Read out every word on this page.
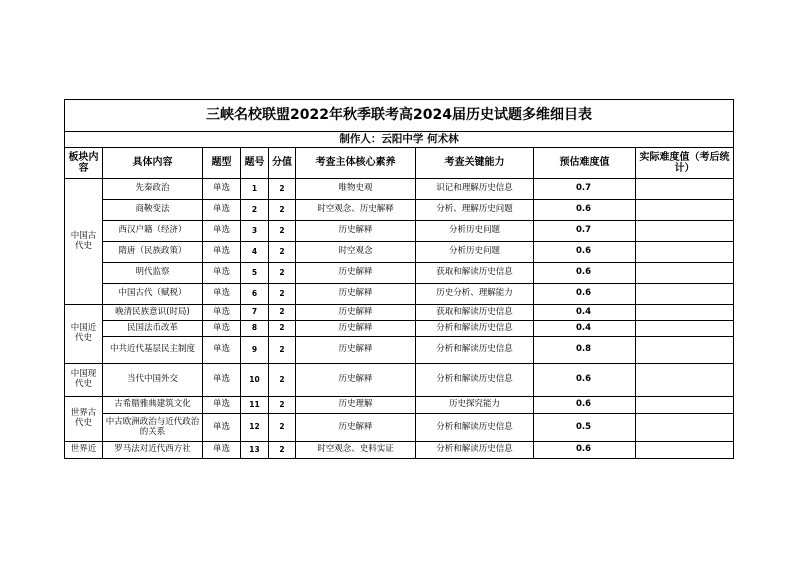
三峡名校联盟2022年秋季联考高2024届历史试题多维细目表								
制作人：云阳中学 何术林								
板块内容	具体内容	题型	题号	分值	考查主体核心素养	考查关键能力	预估难度值	实际难度值（考后统计）
中国古代史	先秦政治	单选	1	2	唯物史观	识记和理解历史信息	0.7	
	商鞅变法	单选	2	2	时空观念、历史解释	分析、理解历史问题	0.6	
	西汉户籍（经济）	单选	3	2	历史解释	分析历史问题	0.7	
	隋唐（民族政策）	单选	4	2	时空观念	分析历史问题	0.6	
	明代监察	单选	5	2	历史解释	获取和解读历史信息	0.6	
	中国古代（赋税）	单选	6	2	历史解释	历史分析、理解能力	0.6	
中国近代史	晚清民族意识(时局)	单选	7	2	历史解释	获取和解读历史信息	0.4	
	民国法币改革	单选	8	2	历史解释	分析和解读历史信息	0.4	
	中共近代基层民主制度	单选	9	2	历史解释	分析和解读历史信息	0.8	
中国现代史	当代中国外交	单选	10	2	历史解释	分析和解读历史信息	0.6	
世界古代史	古希腊雅典建筑文化	单选	11	2	历史理解	历史探究能力	0.6	
	中古欧洲政治与近代政治的关系	单选	12	2	历史解释	分析和解读历史信息	0.5	
世界近	罗马法对近代西方社	单选	13	2	时空观念、史料实证	分析和解读历史信息	0.6	
